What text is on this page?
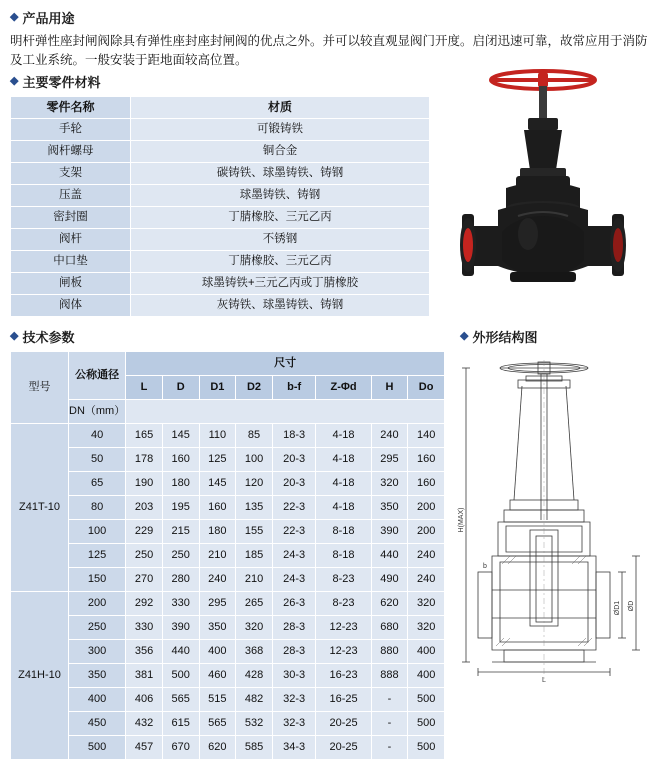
◆ 产品用途
明杆弹性座封闸阀除具有弹性座封座封闸阀的优点之外。并可以较直观显阀门开度。启闭迅速可靠，故常应用于消防及工业系统。一般安装于距地面较高位置。
◆ 主要零件材料
零件名称	材质
手轮	可锻铸铁
阀杆螺母	铜合金
支架	碳铸铁、球墨铸铁、铸钢
压盖	球墨铸铁、铸钢
密封圈	丁腈橡胶、三元乙丙
阀杆	不锈钢
中口垫	丁腈橡胶、三元乙丙
闸板	球墨铸铁+三元乙丙或丁腈橡胶
阀体	灰铸铁、球墨铸铁、铸钢
◆ 技术参数
型号	公称通径	尺寸							
		L	D	D1	D2	b-f	Z-Φd	H	Do
	DN（mm）								
Z41T-10	40	165	145	110	85	18-3	4-18	240	140
	50	178	160	125	100	20-3	4-18	295	160
	65	190	180	145	120	20-3	4-18	320	160
	80	203	195	160	135	22-3	4-18	350	200
	100	229	215	180	155	22-3	8-18	390	200
	125	250	250	210	185	24-3	8-18	440	240
	150	270	280	240	210	24-3	8-23	490	240
Z41H-10	200	292	330	295	265	26-3	8-23	620	320
	250	330	390	350	320	28-3	12-23	680	320
	300	356	440	400	368	28-3	12-23	880	400
	350	381	500	460	428	30-3	16-23	888	400
	400	406	565	515	482	32-3	16-25	-	500
	450	432	615	565	532	32-3	20-25	-	500
	500	457	670	620	585	34-3	20-25	-	500
◆ 外形结构图
H(MAX)
ØD1 ØD
L
b
